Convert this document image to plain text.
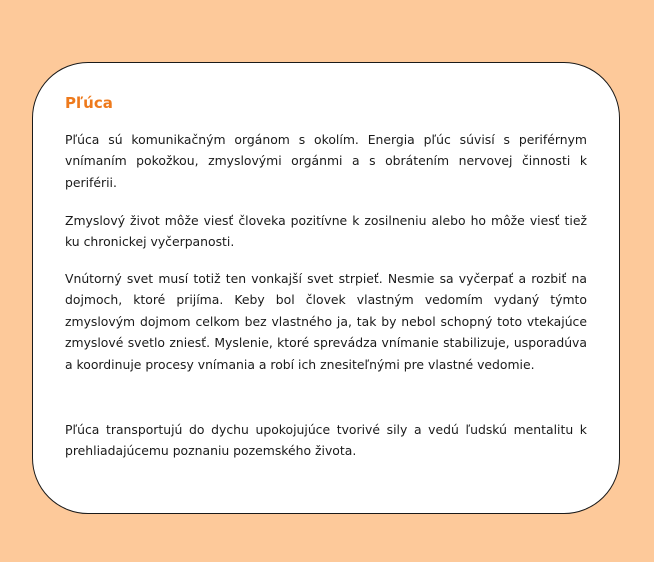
Pľúca

Pľúca sú komunikačným orgánom s okolím. Energia pľúc súvisí s periférnym vnímaním pokožkou, zmyslovými orgánmi a s obrátením nervovej činnosti k periférii.

Zmyslový život môže viesť človeka pozitívne k zosilneniu alebo ho môže viesť tiež ku chronickej vyčerpanosti.

Vnútorný svet musí totiž ten vonkajší svet strpieť. Nesmie sa vyčerpať a rozbiť na dojmoch, ktoré prijíma. Keby bol človek vlastným vedomím vydaný týmto zmyslovým dojmom celkom bez vlastného ja, tak by nebol schopný toto vtekajúce zmyslové svetlo zniesť. Myslenie, ktoré sprevádza vnímanie stabilizuje, usporadúva a koordinuje procesy vnímania a robí ich znesiteľnými pre vlastné vedomie.

Pľúca transportujú do dychu upokojujúce tvorivé sily a vedú ľudskú mentalitu k prehliadajúcemu poznaniu pozemského života.
